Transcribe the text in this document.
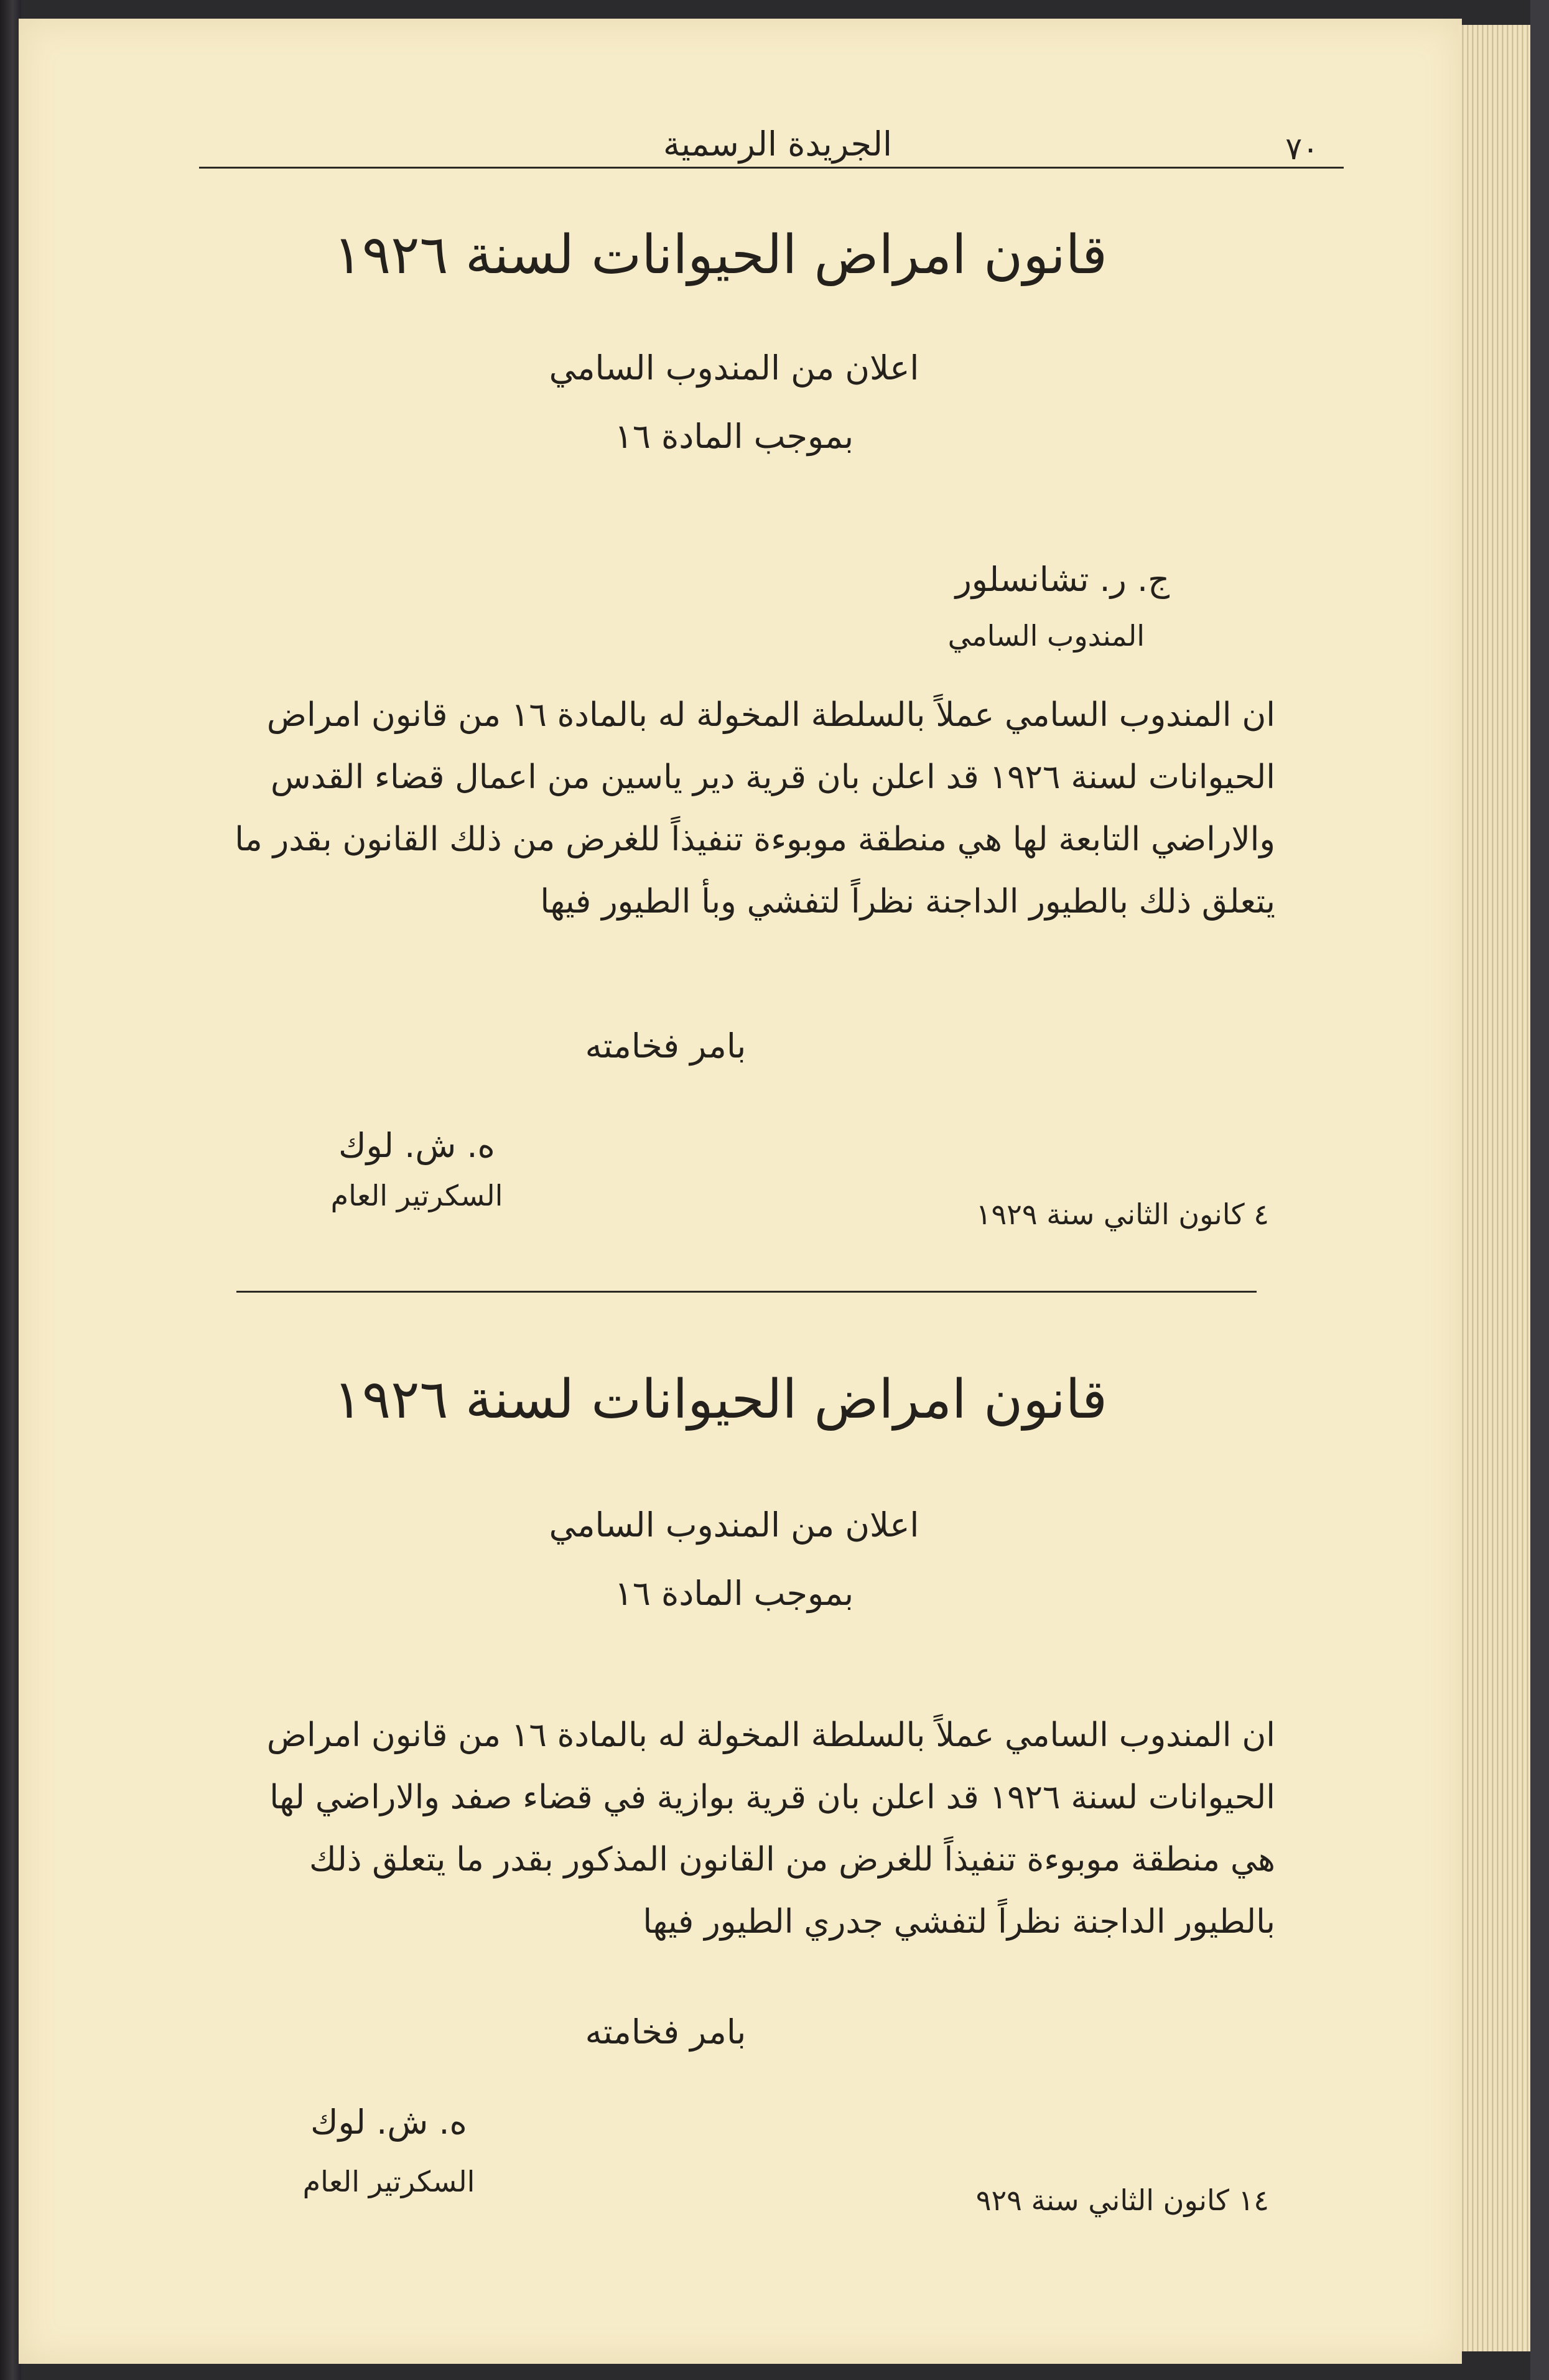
٧٠
الجريدة الرسمية
قانون امراض الحيوانات لسنة ١٩٢٦
اعلان من المندوب السامي
بموجب المادة ١٦
ج. ر. تشانسلور
المندوب السامي
ان المندوب السامي عملاً بالسلطة المخولة له بالمادة ١٦ من قانون امراض الحيوانات لسنة ١٩٢٦ قد اعلن بان قرية دير ياسين من اعمال قضاء القدس والاراضي التابعة لها هي منطقة موبوءة تنفيذاً للغرض من ذلك القانون بقدر ما يتعلق ذلك بالطيور الداجنة نظراً لتفشي وبأ الطيور فيها
بامر فخامته
ه. ش. لوك
السكرتير العام
٤ كانون الثاني سنة ١٩٢٩
قانون امراض الحيوانات لسنة ١٩٢٦
اعلان من المندوب السامي
بموجب المادة ١٦
ان المندوب السامي عملاً بالسلطة المخولة له بالمادة ١٦ من قانون امراض الحيوانات لسنة ١٩٢٦ قد اعلن بان قرية بوازية في قضاء صفد والاراضي لها هي منطقة موبوءة تنفيذاً للغرض من القانون المذكور بقدر ما يتعلق ذلك بالطيور الداجنة نظراً لتفشي جدري الطيور فيها
بامر فخامته
ه. ش. لوك
السكرتير العام
١٤ كانون الثاني سنة ٩٢٩
